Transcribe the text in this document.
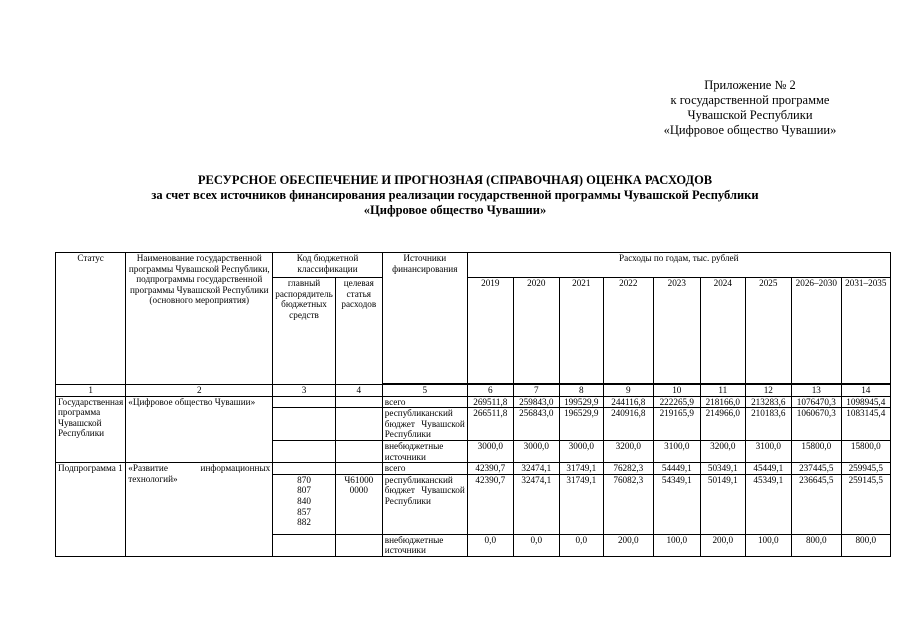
Приложение № 2
к государственной программе
Чувашской Республики
«Цифровое общество Чувашии»
РЕСУРСНОЕ ОБЕСПЕЧЕНИЕ И ПРОГНОЗНАЯ (СПРАВОЧНАЯ) ОЦЕНКА РАСХОДОВ
за счет всех источников финансирования реализации государственной программы Чувашской Республики
«Цифровое общество Чувашии»
Статус	Наименование государственной программы Чувашской Республики, подпрограммы государственной программы Чувашской Республики (основного мероприятия)	Код бюджетной классификации		Источники финансирования	Расходы по годам, тыс. рублей								
		главный распорядитель бюджетных средств	целевая статья расходов		2019	2020	2021	2022	2023	2024	2025	2026–2030	2031–2035

1	2	3	4	5	6	7	8	9	10	11	12	13	14
Государственная программа Чувашской Республики	«Цифровое общество Чувашии»			всего	269511,8	259843,0	199529,9	244116,8	222265,9	218166,0	213283,6	1076470,3	1098945,4
				республиканский бюджет Чувашской Республики	266511,8	256843,0	196529,9	240916,8	219165,9	214966,0	210183,6	1060670,3	1083145,4
				внебюджетные источники	3000,0	3000,0	3000,0	3200,0	3100,0	3200,0	3100,0	15800,0	15800,0
Подпрограмма 1	«Развитие информационных технологий»			всего	42390,7	32474,1	31749,1	76282,3	54449,1	50349,1	45449,1	237445,5	259945,5
		870
807
840
857
882	Ч61000 0000	республиканский бюджет Чувашской Республики	42390,7	32474,1	31749,1	76082,3	54349,1	50149,1	45349,1	236645,5	259145,5
				внебюджетные источники	0,0	0,0	0,0	200,0	100,0	200,0	100,0	800,0	800,0
